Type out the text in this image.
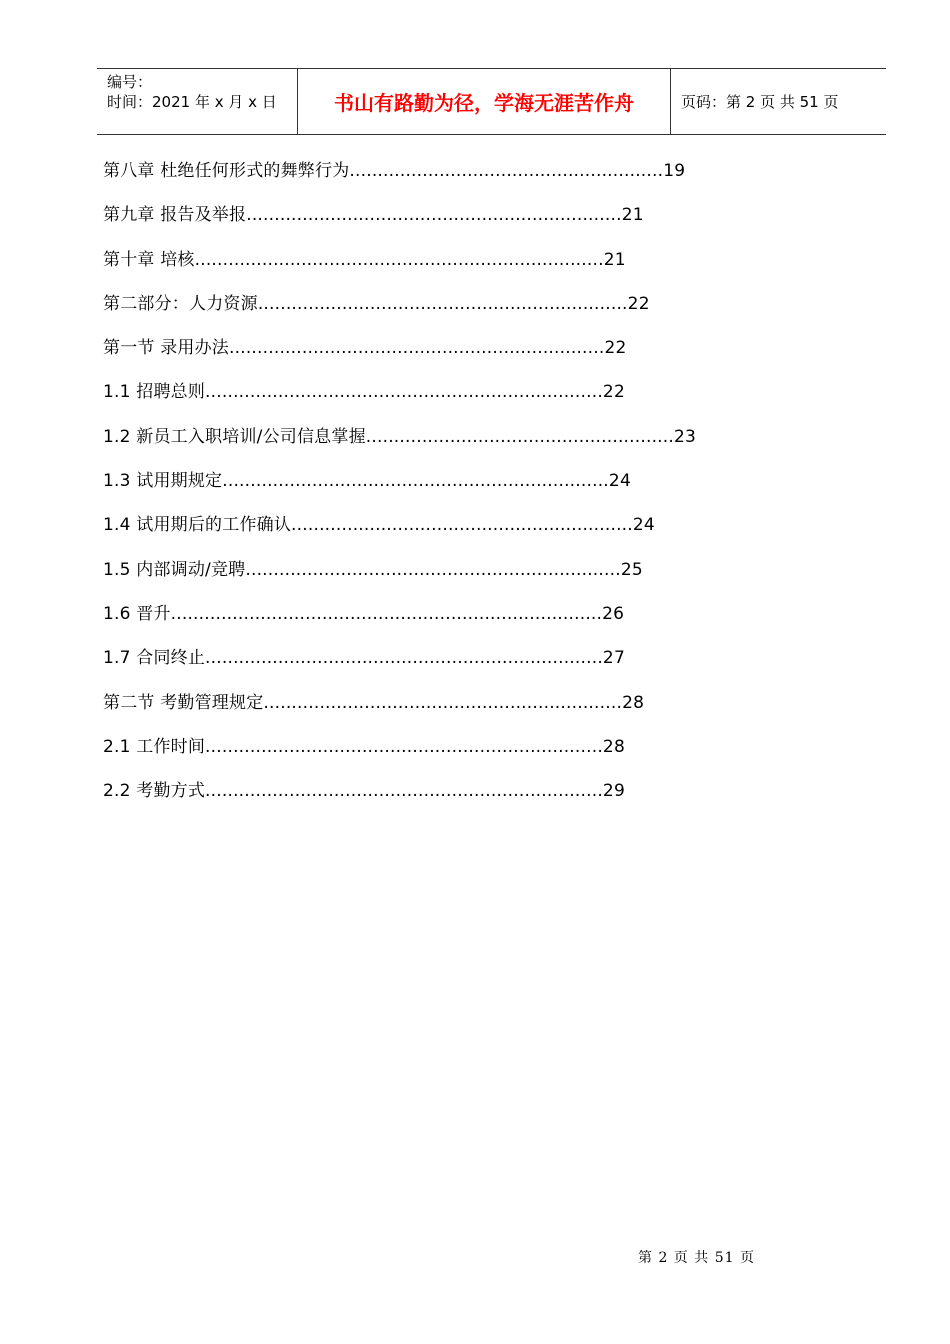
编号：
时间：2021 年 x 月 x 日	书山有路勤为径，学海无涯苦作舟	页码：第 2 页 共 51 页
第八章 杜绝任何形式的舞弊行为........................................................19
第九章 报告及举报...................................................................21
第十章 培核.........................................................................21
第二部分：人力资源..................................................................22
第一节 录用办法...................................................................22
1.1 招聘总则.......................................................................22
1.2 新员工入职培训/公司信息掌握.......................................................23
1.3 试用期规定.....................................................................24
1.4 试用期后的工作确认.............................................................24
1.5 内部调动/竞聘...................................................................25
1.6 晋升.............................................................................26
1.7 合同终止.......................................................................27
第二节 考勤管理规定................................................................28
2.1 工作时间.......................................................................28
2.2 考勤方式.......................................................................29
第 2 页 共 51 页
